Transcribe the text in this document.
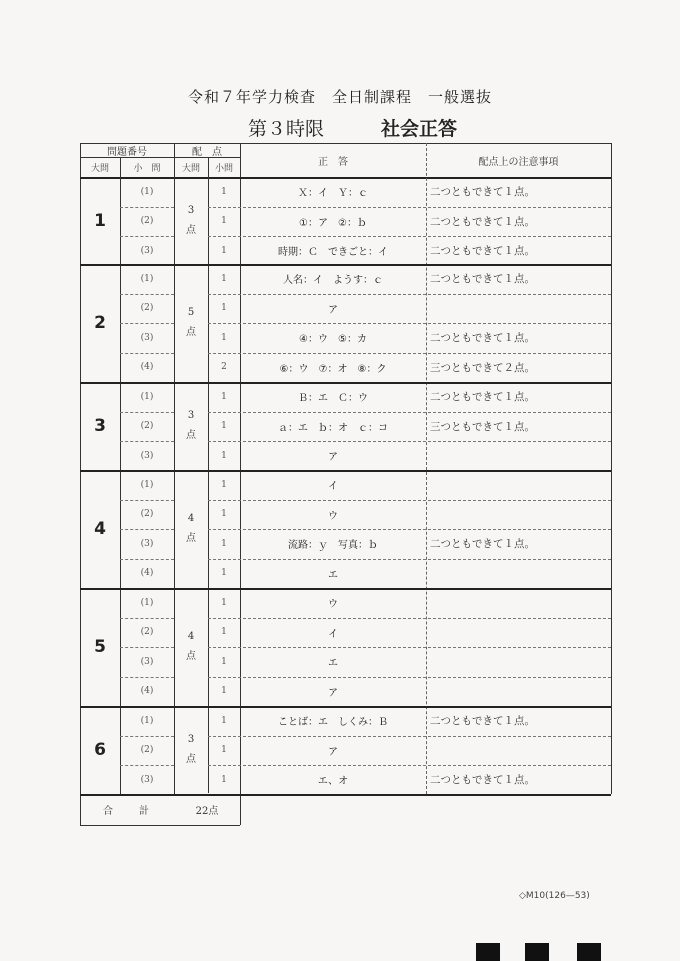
令和７年学力検査　全日制課程　一般選抜
第３時限	社会正答
問題番号	配　点
大問	小　問	大問	小問
正　答	配点上の注意事項
1
3
点
(1)	1	Ｘ：イ　Ｙ：ｃ	二つともできて１点。
(2)	1	①：ア　②：ｂ	二つともできて１点。
(3)	1	時期：Ｃ　できごと：イ	二つともできて１点。
2
5
点
(1)	1	人名：イ　ようす：ｃ	二つともできて１点。
(2)	1	ア
(3)	1	④：ウ　⑤：カ	二つともできて１点。
(4)	2	⑥：ウ　⑦：オ　⑧：ク	三つともできて２点。
3
3
点
(1)	1	Ｂ：エ　Ｃ：ウ	二つともできて１点。
(2)	1	ａ：エ　ｂ：オ　ｃ：コ	三つともできて１点。
(3)	1	ア
4
4
点
(1)	1	イ
(2)	1	ウ
(3)	1	流路：ｙ　写真：ｂ	二つともできて１点。
(4)	1	エ
5
4
点
(1)	1	ウ
(2)	1	イ
(3)	1	エ
(4)	1	ア
6
3
点
(1)	1	ことば：エ　しくみ：Ｂ	二つともできて１点。
(2)	1	ア
(3)	1	エ、オ	二つともできて１点。
合　　計	22点
◇M10(126—53)
